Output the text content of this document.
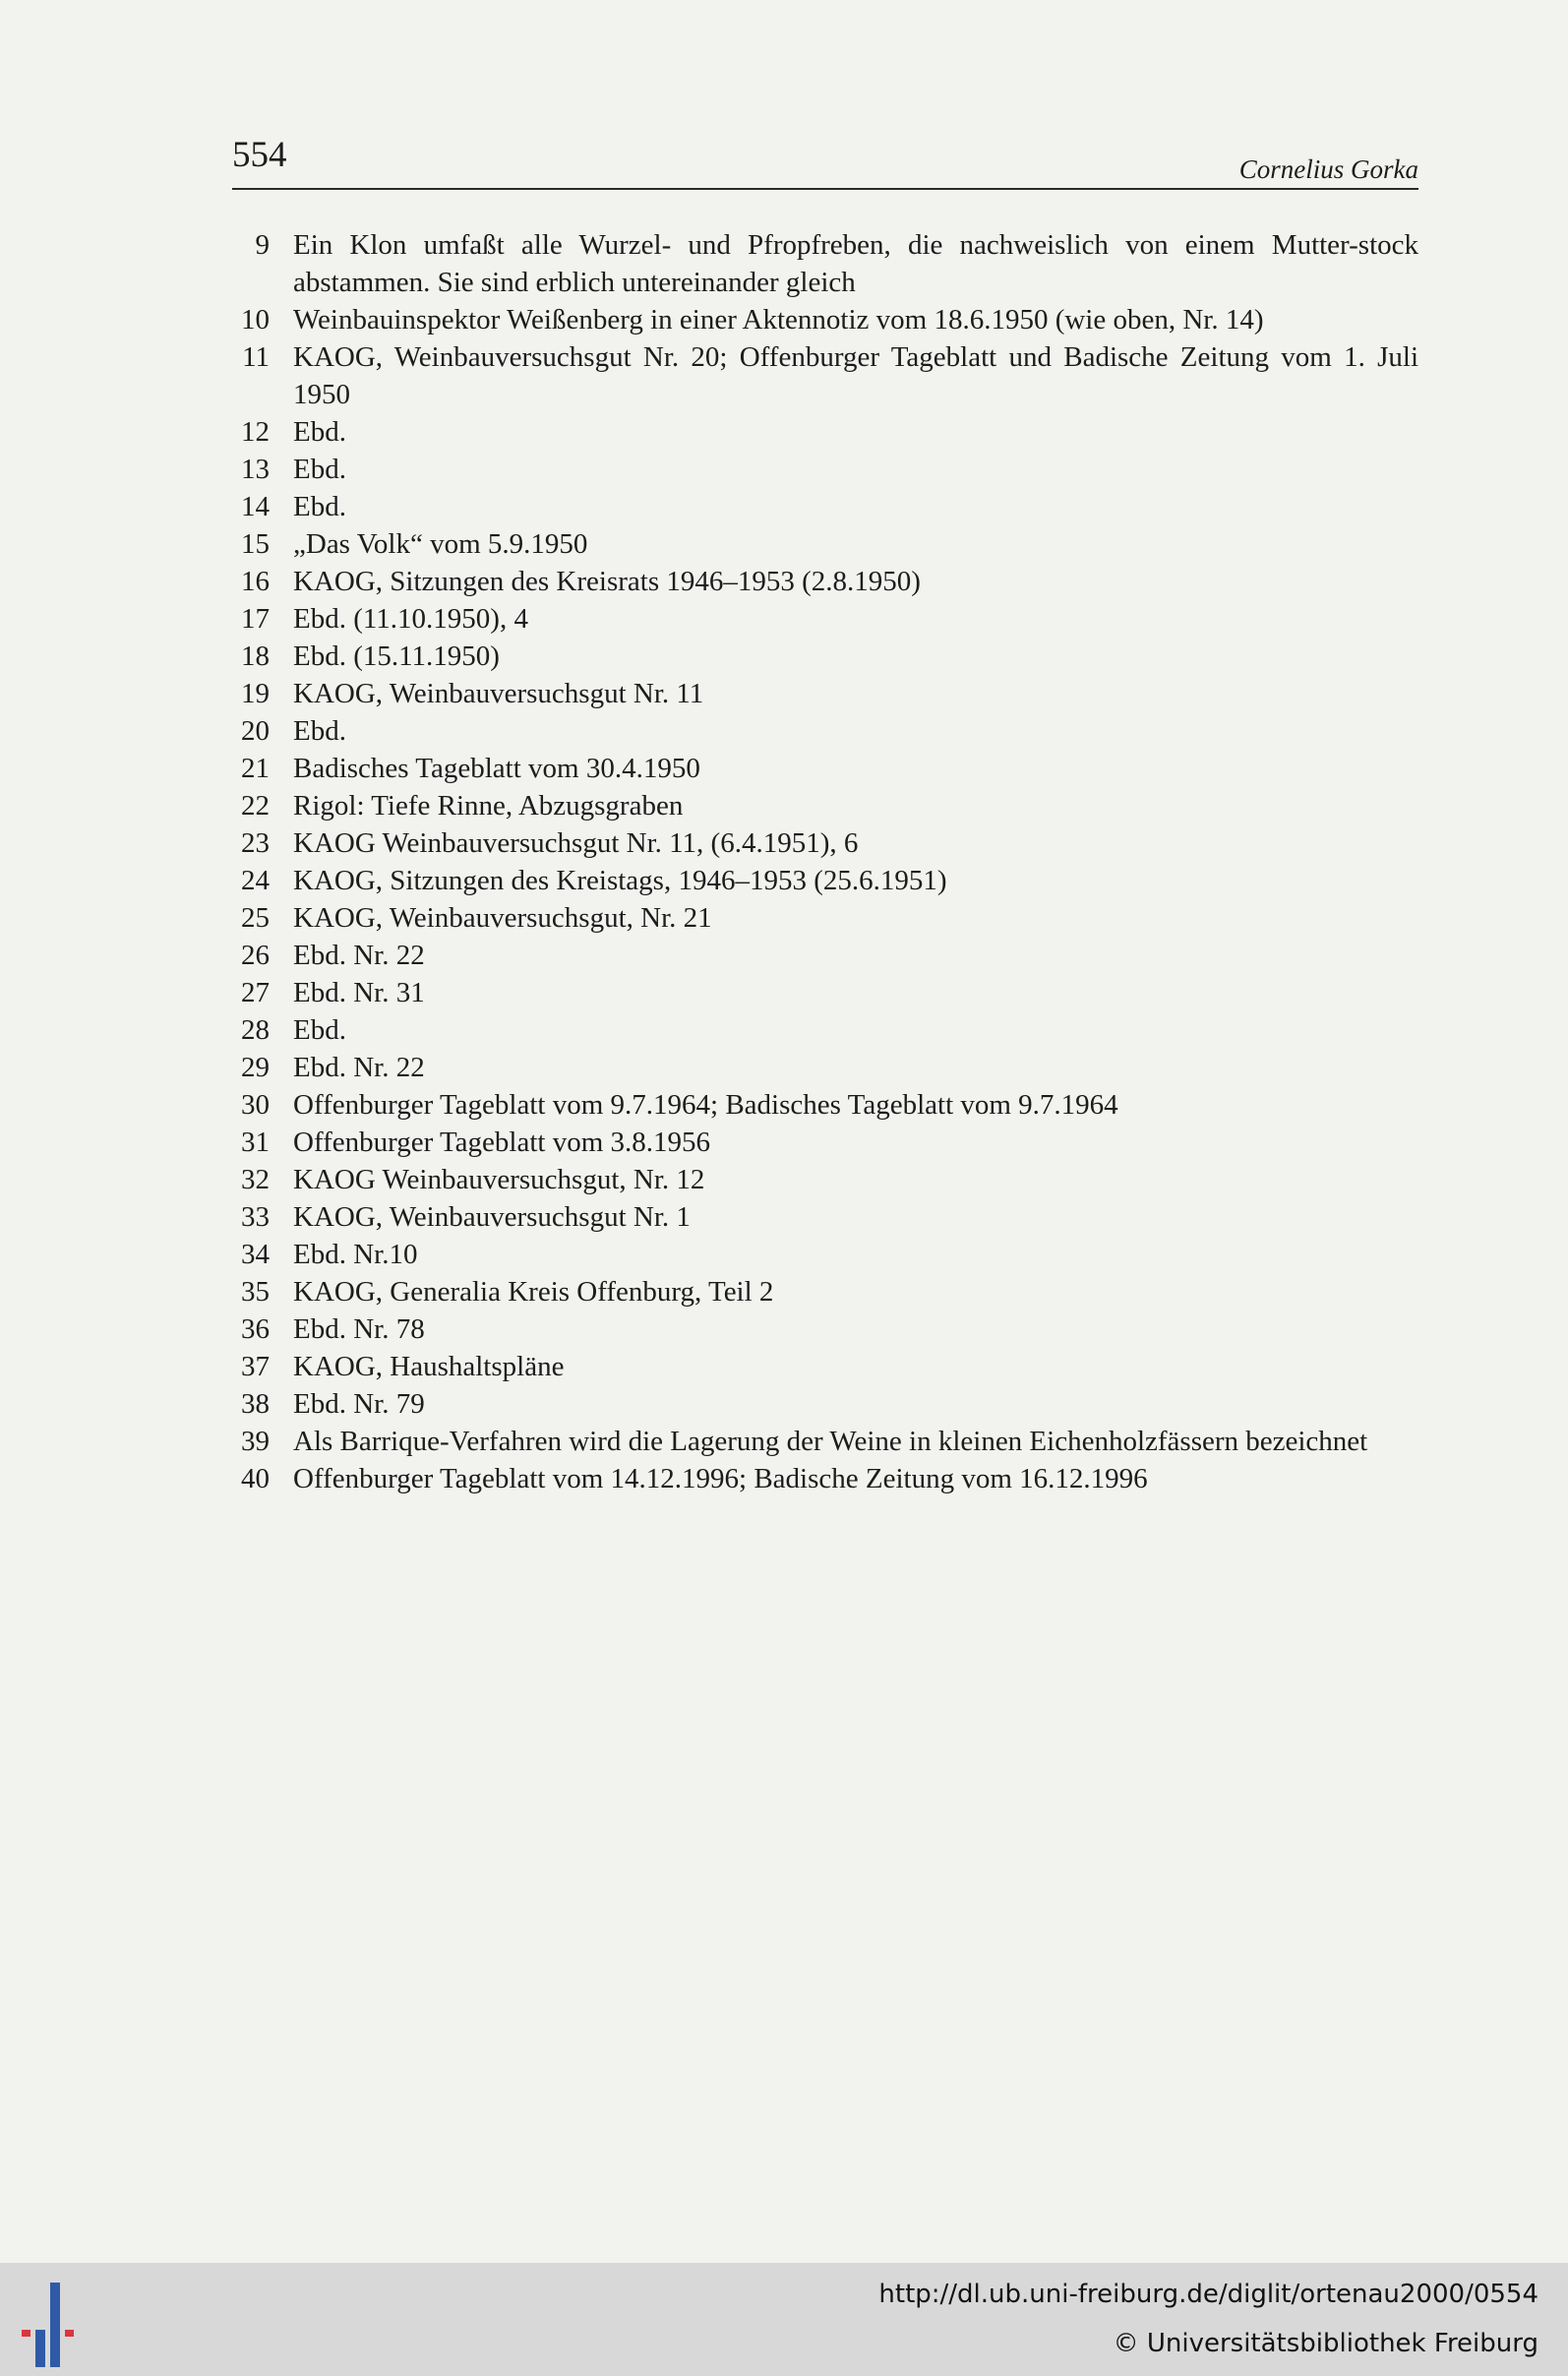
554	Cornelius Gorka
9 Ein Klon umfaßt alle Wurzel- und Pfropfreben, die nachweislich von einem Mutter-stock abstammen. Sie sind erblich untereinander gleich
10 Weinbauinspektor Weißenberg in einer Aktennotiz vom 18.6.1950 (wie oben, Nr. 14)
11 KAOG, Weinbauversuchsgut Nr. 20; Offenburger Tageblatt und Badische Zeitung vom 1. Juli 1950
12 Ebd.
13 Ebd.
14 Ebd.
15 „Das Volk“ vom 5.9.1950
16 KAOG, Sitzungen des Kreisrats 1946–1953 (2.8.1950)
17 Ebd. (11.10.1950), 4
18 Ebd. (15.11.1950)
19 KAOG, Weinbauversuchsgut Nr. 11
20 Ebd.
21 Badisches Tageblatt vom 30.4.1950
22 Rigol: Tiefe Rinne, Abzugsgraben
23 KAOG Weinbauversuchsgut Nr. 11, (6.4.1951), 6
24 KAOG, Sitzungen des Kreistags, 1946–1953 (25.6.1951)
25 KAOG, Weinbauversuchsgut, Nr. 21
26 Ebd. Nr. 22
27 Ebd. Nr. 31
28 Ebd.
29 Ebd. Nr. 22
30 Offenburger Tageblatt vom 9.7.1964; Badisches Tageblatt vom 9.7.1964
31 Offenburger Tageblatt vom 3.8.1956
32 KAOG Weinbauversuchsgut, Nr. 12
33 KAOG, Weinbauversuchsgut Nr. 1
34 Ebd. Nr.10
35 KAOG, Generalia Kreis Offenburg, Teil 2
36 Ebd. Nr. 78
37 KAOG, Haushaltspläne
38 Ebd. Nr. 79
39 Als Barrique-Verfahren wird die Lagerung der Weine in kleinen Eichenholzfässern bezeichnet
40 Offenburger Tageblatt vom 14.12.1996; Badische Zeitung vom 16.12.1996
http://dl.ub.uni-freiburg.de/diglit/ortenau2000/0554
© Universitätsbibliothek Freiburg
